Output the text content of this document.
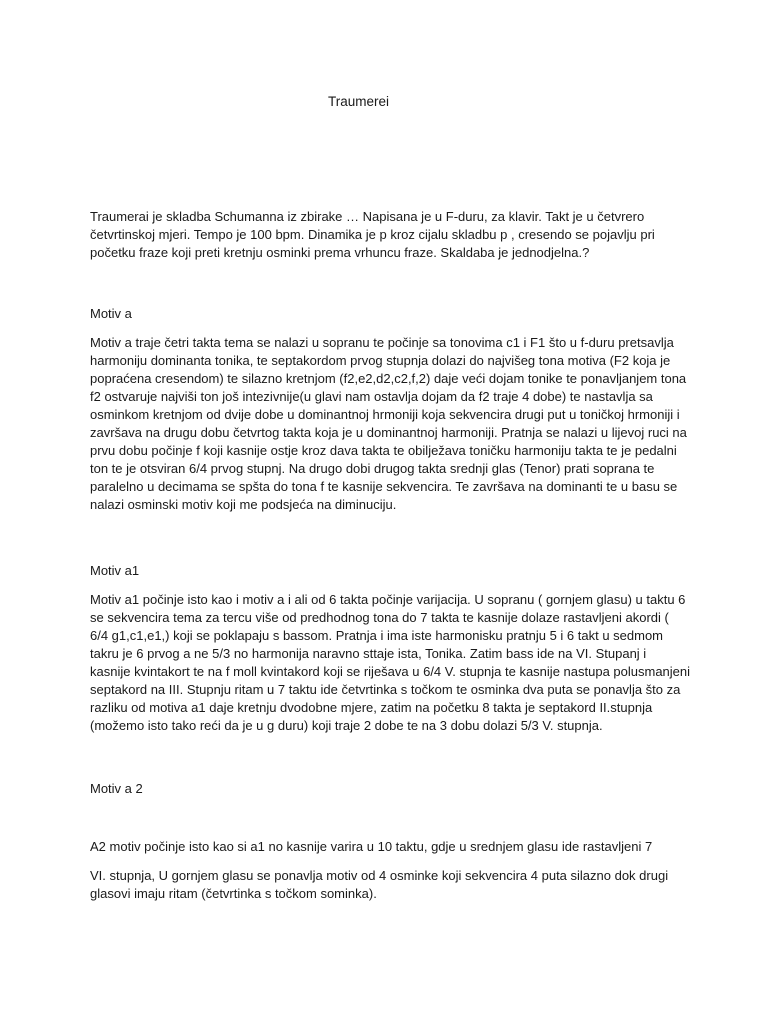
Traumerei

Traumerai je skladba Schumanna iz zbirake … Napisana je u F-duru, za klavir. Takt je u četvrero četvrtinskoj mjeri. Tempo je 100 bpm. Dinamika je p kroz cijalu skladbu p , cresendo se pojavlju pri početku fraze koji preti kretnju osminki prema vrhuncu fraze. Skaldaba je jednodjelna.?

Motiv a

Motiv a traje četri takta tema se nalazi u sopranu te počinje sa tonovima c1 i F1 što u f-duru pretsavlja harmoniju dominanta tonika, te septakordom prvog stupnja dolazi do najvišeg tona motiva (F2 koja je popraćena cresendom) te silazno kretnjom (f2,e2,d2,c2,f,2) daje veći dojam tonike te ponavljanjem tona f2 ostvaruje najviši ton još intezivnije(u glavi nam ostavlja dojam da f2 traje 4 dobe) te nastavlja sa osminkom kretnjom od dvije dobe u dominantnoj hrmoniji koja sekvencira drugi put u toničkoj hrmoniji i završava na drugu dobu četvrtog takta koja je u dominantnoj harmoniji. Pratnja se nalazi u lijevoj ruci na prvu dobu počinje f koji kasnije ostje kroz dava takta te obilježava toničku harmoniju takta te je pedalni ton te je otsviran 6/4 prvog stupnj. Na drugo dobi drugog takta srednji glas (Tenor) prati soprana te paralelno u decimama se spšta do tona f te kasnije sekvencira. Te završava na dominanti te u basu se nalazi osminski motiv koji me podsjeća na diminuciju.

Motiv a1

Motiv a1 počinje isto kao i motiv a i ali od 6 takta počinje varijacija. U sopranu ( gornjem glasu) u taktu 6 se sekvencira tema za tercu više od predhodnog tona do 7 takta te kasnije dolaze rastavljeni akordi ( 6/4 g1,c1,e1,) koji se poklapaju s bassom. Pratnja i ima iste harmonisku pratnju 5 i 6 takt u sedmom takru je 6 prvog a ne 5/3 no harmonija naravno sttaje ista, Tonika. Zatim bass ide na VI. Stupanj i kasnije kvintakort te na f moll kvintakord koji se riješava u 6/4 V. stupnja te kasnije nastupa polusmanjeni septakord na III. Stupnju ritam u 7 taktu ide četvrtinka s točkom te osminka dva puta se ponavlja što za razliku od motiva a1 daje kretnju dvodobne mjere, zatim na početku 8 takta je septakord II.stupnja (možemo isto tako reći da je u g duru) koji traje 2 dobe te na 3 dobu dolazi 5/3 V. stupnja.

Motiv a 2

A2 motiv počinje isto kao si a1 no kasnije varira u 10 taktu, gdje u srednjem glasu ide rastavljeni 7

VI. stupnja, U gornjem glasu se ponavlja motiv od 4 osminke koji sekvencira 4 puta silazno dok drugi glasovi imaju ritam (četvrtinka s točkom sominka).
